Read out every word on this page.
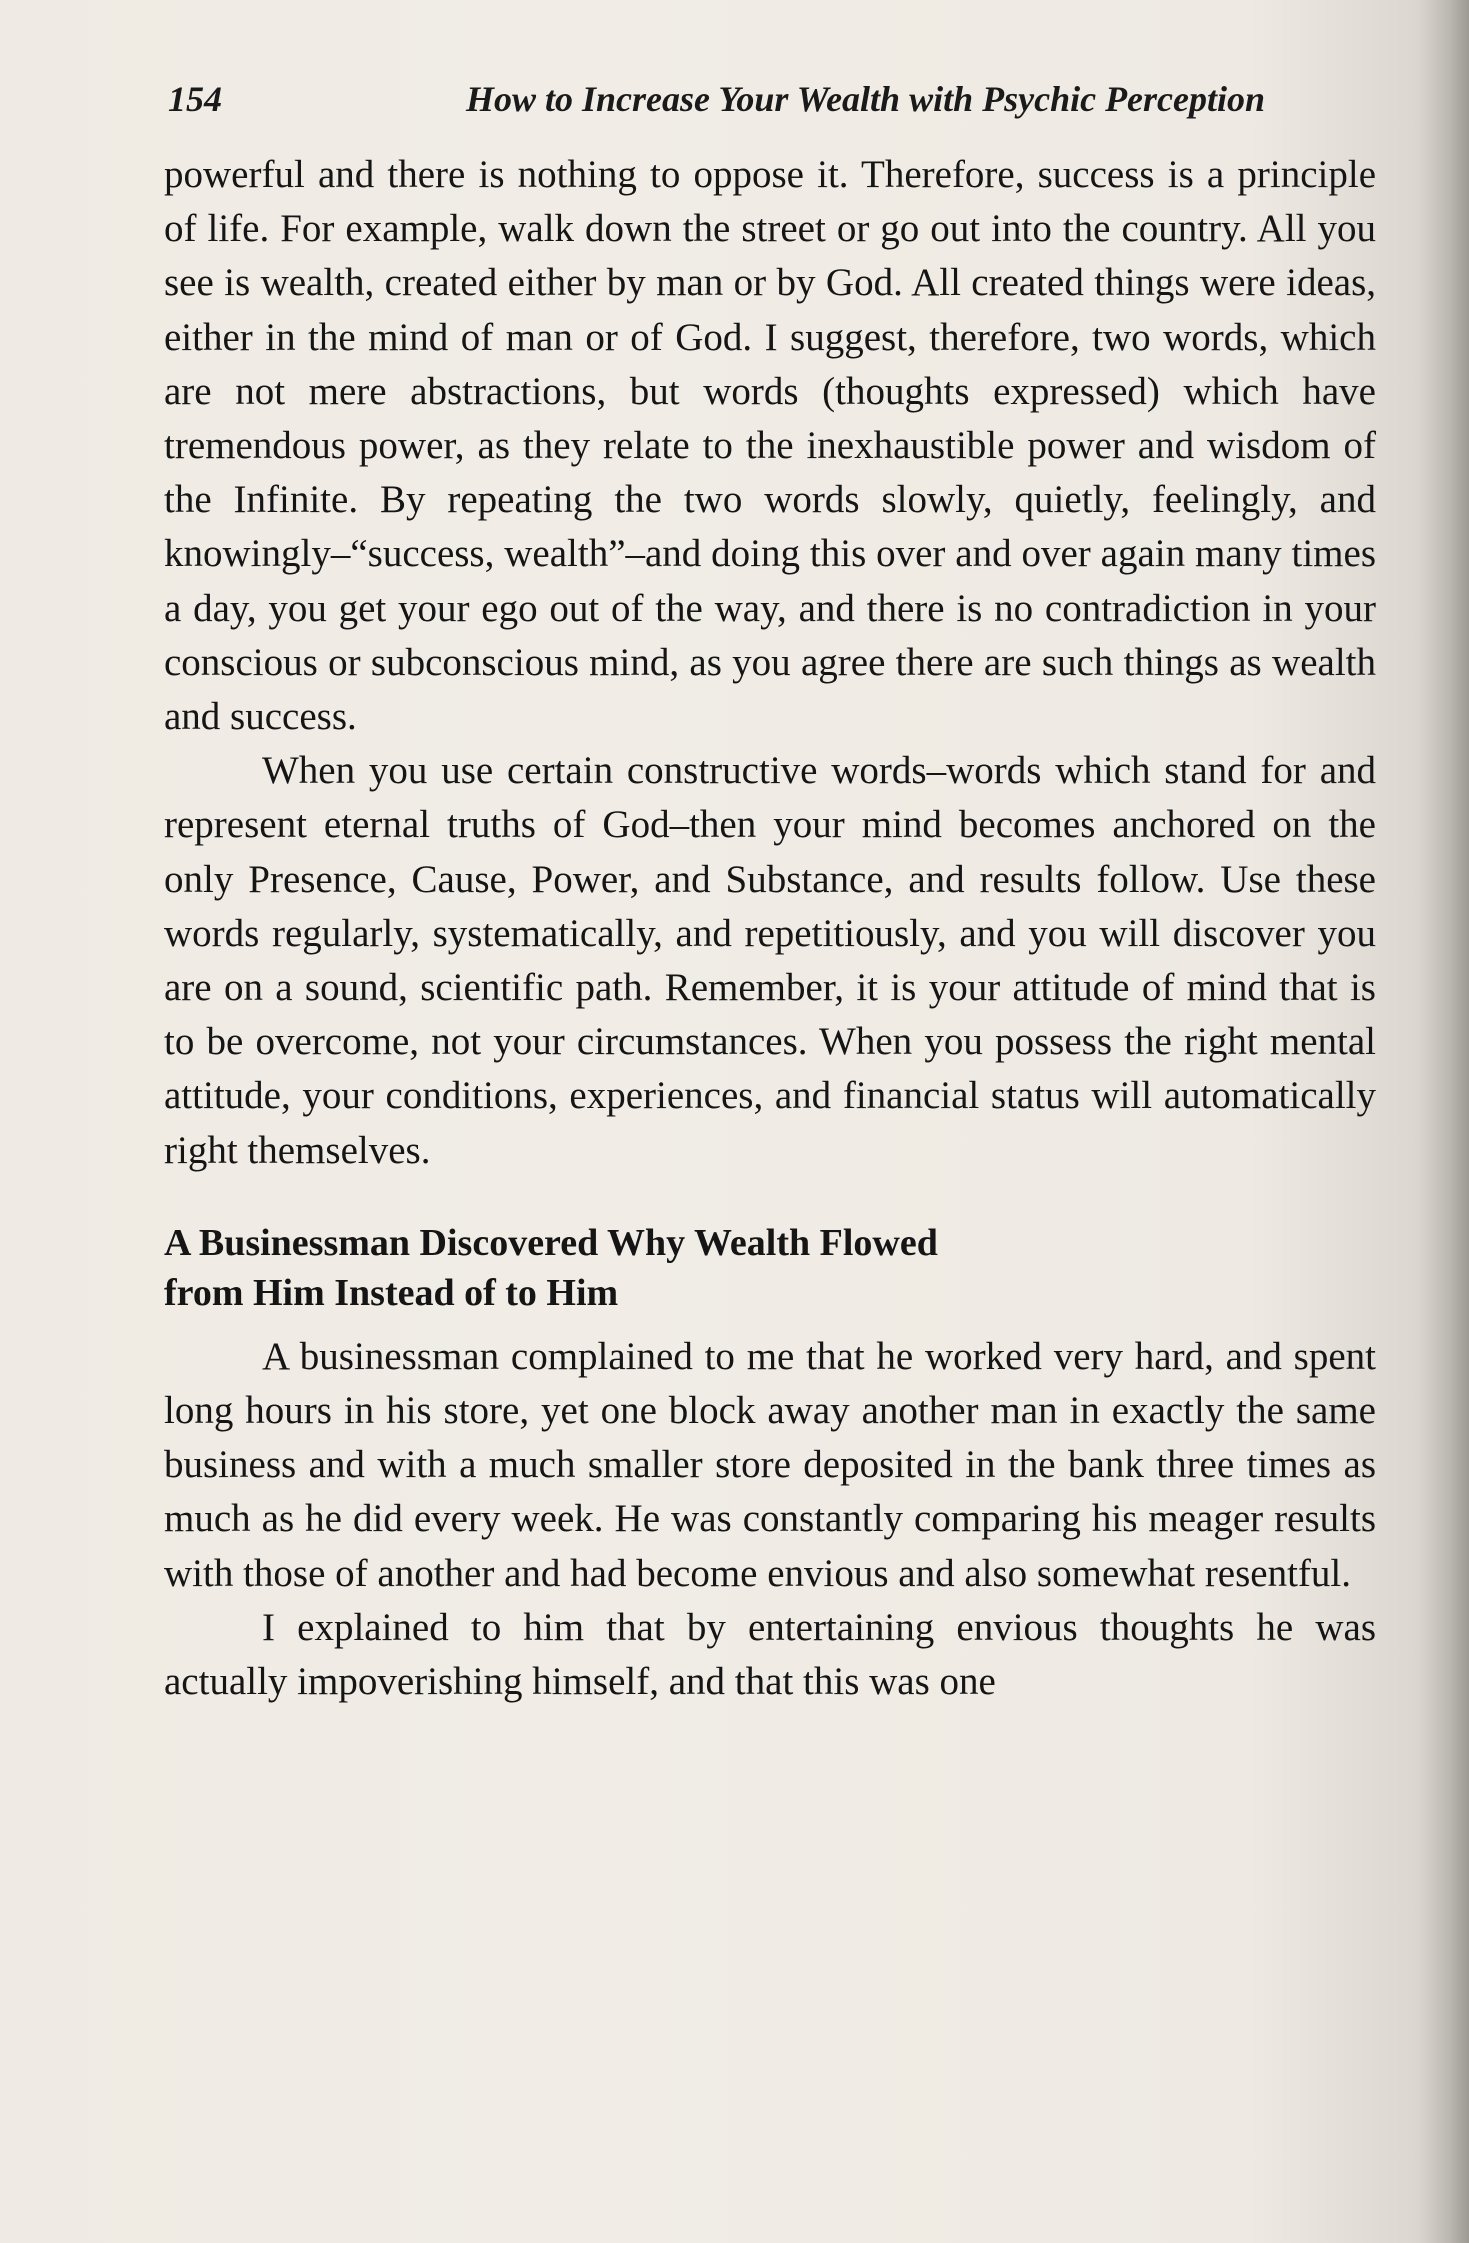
154	How to Increase Your Wealth with Psychic Perception

powerful and there is nothing to oppose it. Therefore, success is a principle of life. For example, walk down the street or go out into the country. All you see is wealth, created either by man or by God. All created things were ideas, either in the mind of man or of God. I suggest, therefore, two words, which are not mere abstractions, but words (thoughts expressed) which have tremendous power, as they relate to the inexhaustible power and wisdom of the Infinite. By repeating the two words slowly, quietly, feelingly, and knowingly–“success, wealth”–and doing this over and over again many times a day, you get your ego out of the way, and there is no contradiction in your conscious or subconscious mind, as you agree there are such things as wealth and success.

When you use certain constructive words–words which stand for and represent eternal truths of God–then your mind becomes anchored on the only Presence, Cause, Power, and Substance, and results follow. Use these words regularly, systematically, and repetitiously, and you will discover you are on a sound, scientific path. Remember, it is your attitude of mind that is to be overcome, not your circumstances. When you possess the right mental attitude, your conditions, experiences, and financial status will automatically right themselves.

A Businessman Discovered Why Wealth Flowed
from Him Instead of to Him

A businessman complained to me that he worked very hard, and spent long hours in his store, yet one block away another man in exactly the same business and with a much smaller store deposited in the bank three times as much as he did every week. He was constantly comparing his meager results with those of another and had become envious and also somewhat resentful.

I explained to him that by entertaining envious thoughts he was actually impoverishing himself, and that this was one
